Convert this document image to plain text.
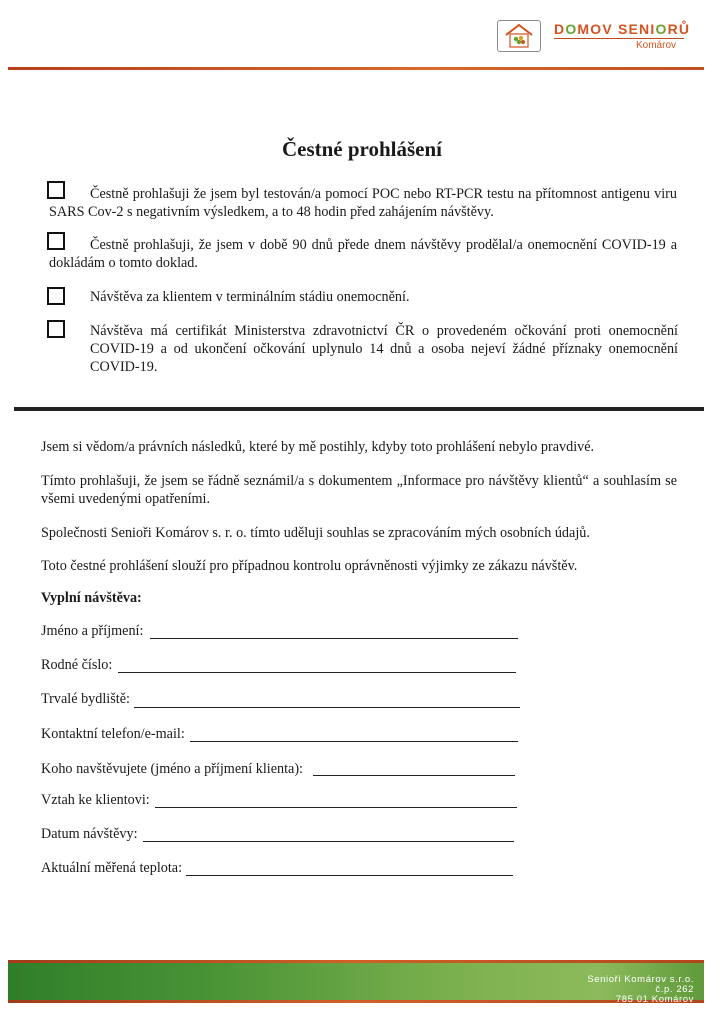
DOMOV SENIORŮ
Komárov
Čestné prohlášení
Čestně prohlašuji že jsem byl testován/a pomocí POC nebo RT-PCR testu na přítomnost antigenu viru SARS Cov-2 s negativním výsledkem, a to 48 hodin před zahájením návštěvy.
Čestně prohlašuji, že jsem v době 90 dnů přede dnem návštěvy prodělal/a onemocnění COVID-19 a dokládám o tomto doklad.
Návštěva za klientem v terminálním stádiu onemocnění.
Návštěva má certifikát Ministerstva zdravotnictví ČR o provedeném očkování proti onemocnění COVID-19 a od ukončení očkování uplynulo 14 dnů a osoba nejeví žádné příznaky onemocnění COVID-19.
Jsem si vědom/a právních následků, které by mě postihly, kdyby toto prohlášení nebylo pravdivé.
Tímto prohlašuji, že jsem se řádně seznámil/a s dokumentem „Informace pro návštěvy klientů“ a souhlasím se všemi uvedenými opatřeními.
Společnosti Senioři Komárov s. r. o. tímto uděluji souhlas se zpracováním mých osobních údajů.
Toto čestné prohlášení slouží pro případnou kontrolu oprávněnosti výjimky ze zákazu návštěv.
Vyplní návštěva:
Jméno a příjmení:
Rodné číslo:
Trvalé bydliště:
Kontaktní telefon/e-mail:
Koho navštěvujete (jméno a příjmení klienta):
Vztah ke klientovi:
Datum návštěvy:
Aktuální měřená teplota:
Senioři Komárov s.r.o.
č.p. 262
785 01 Komárov
